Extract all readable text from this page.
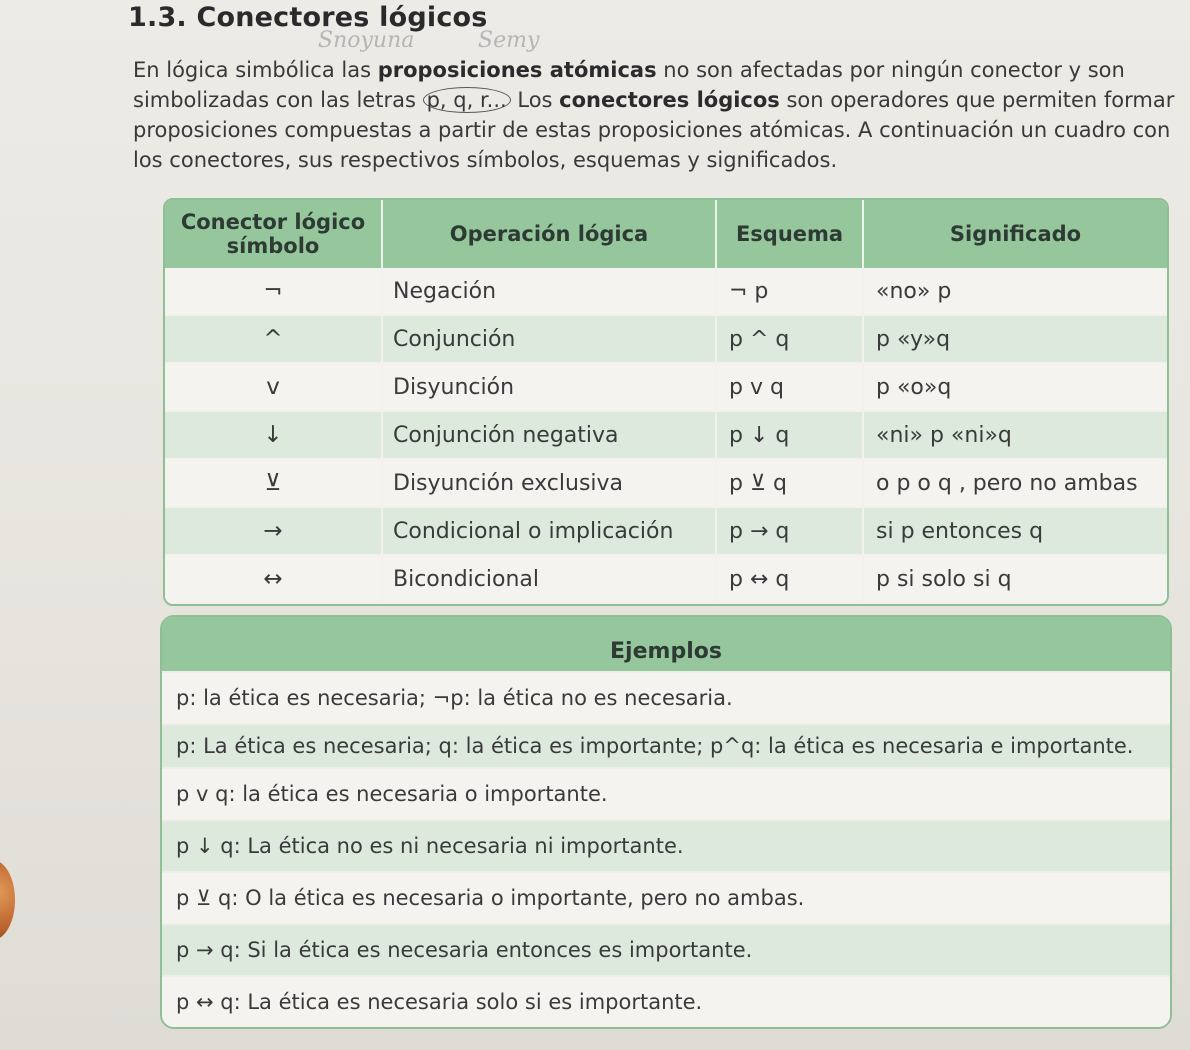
1.3. Conectores lógicos
Snoyuna	Semy

En lógica simbólica las proposiciones atómicas no son afectadas por ningún conector y son simbolizadas con las letras p, q, r... Los conectores lógicos son operadores que permiten formar proposiciones compuestas a partir de estas proposiciones atómicas. A continuación un cuadro con los conectores, sus respectivos símbolos, esquemas y significados.

Conector lógico símbolo	Operación lógica	Esquema	Significado
¬	Negación	¬ p	«no» p
^	Conjunción	p ^ q	p «y»q
v	Disyunción	p v q	p «o»q
↓	Conjunción negativa	p ↓ q	«ni» p «ni»q
⊻	Disyunción exclusiva	p ⊻ q	o p o q , pero no ambas
→	Condicional o implicación	p → q	si p entonces q
↔	Bicondicional	p ↔ q	p si solo si q
Ejemplos
p: la ética es necesaria; ¬p: la ética no es necesaria.
p: La ética es necesaria; q: la ética es importante; p^q: la ética es necesaria e importante.
p v q: la ética es necesaria o importante.
p ↓ q: La ética no es ni necesaria ni importante.
p ⊻ q: O la ética es necesaria o importante, pero no ambas.
p → q: Si la ética es necesaria entonces es importante.
p ↔ q: La ética es necesaria solo si es importante.
